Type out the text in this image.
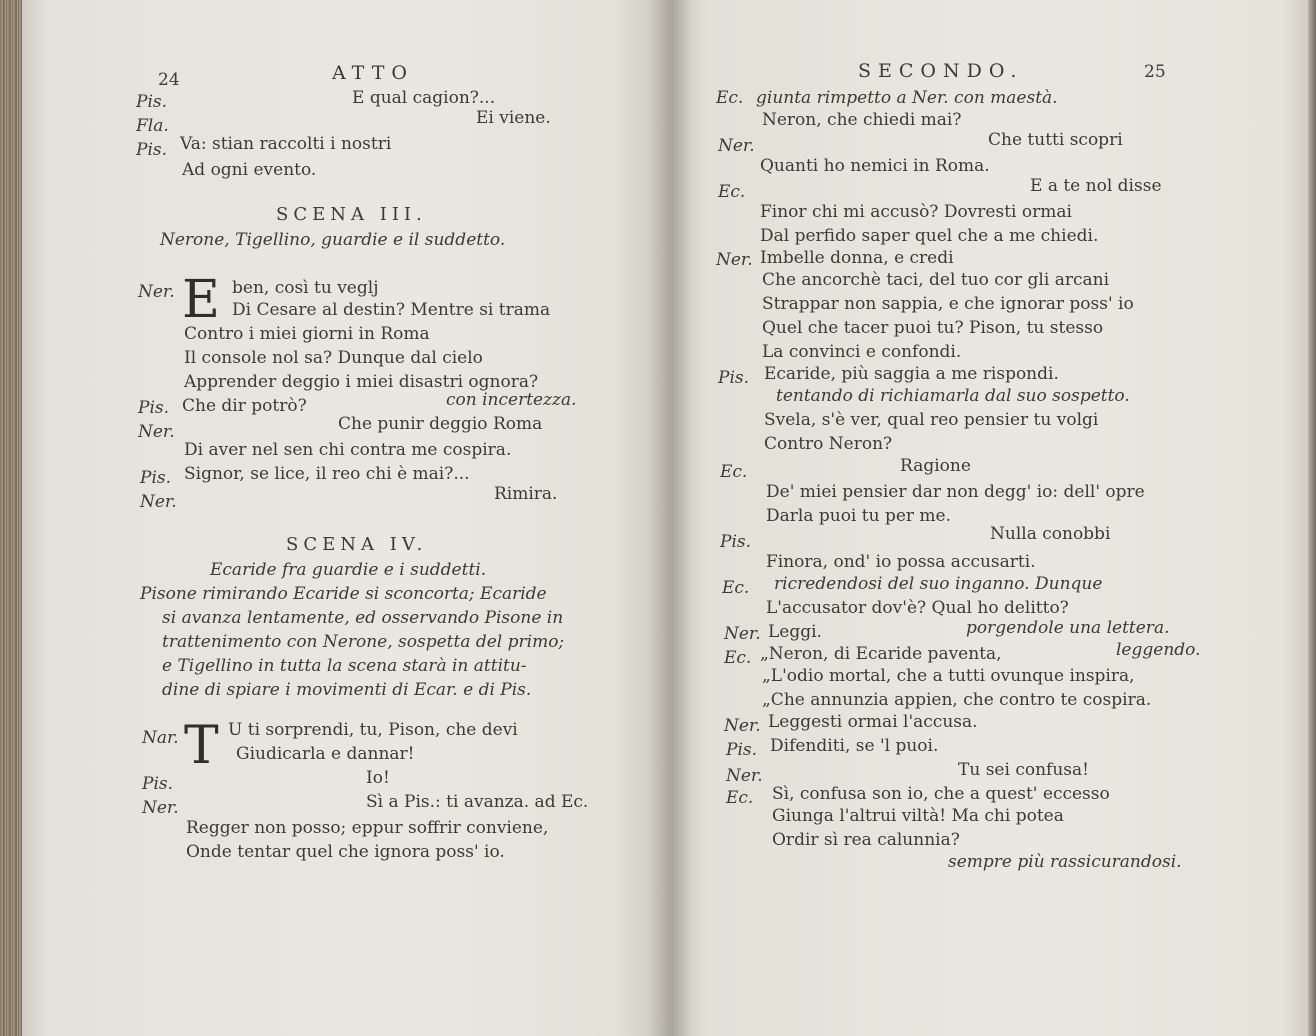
24	ATTO
Pis.	E qual cagion?...
Fla.	Ei viene.
Pis. Va: stian raccolti i nostri
Ad ogni evento.
SCENA III.
Nerone, Tigellino, guardie e il suddetto.
Ner. E ben, così tu veglj
Di Cesare al destin? Mentre si trama
Contro i miei giorni in Roma
Il console nol sa? Dunque dal cielo
Apprender deggio i miei disastri ognora?
Pis. Che dir potrò?	con incertezza.
Ner.	Che punir deggio Roma
Di aver nel sen chi contra me cospira.
Pis. Signor, se lice, il reo chi è mai?...
Ner.	Rimira.
SCENA IV.
Ecaride fra guardie e i suddetti.
Pisone rimirando Ecaride si sconcorta; Ecaride
si avanza lentamente, ed osservando Pisone in
trattenimento con Nerone, sospetta del primo;
e Tigellino in tutta la scena starà in attitu-
dine di spiare i movimenti di Ecar. e di Pis.
Nar. T U ti sorprendi, tu, Pison, che devi
Giudicarla e dannar!
Pis.	Io!
Ner.	Sì a Pis.: ti avanza. ad Ec.
Regger non posso; eppur soffrir conviene,
Onde tentar quel che ignora poss' io.
SECONDO.	25
Ec. giunta rimpetto a Ner. con maestà.
Neron, che chiedi mai?
Ner.	Che tutti scopri
Quanti ho nemici in Roma.
Ec.	E a te nol disse
Finor chi mi accusò? Dovresti ormai
Dal perfido saper quel che a me chiedi.
Ner. Imbelle donna, e credi
Che ancorchè taci, del tuo cor gli arcani
Strappar non sappia, e che ignorar poss' io
Quel che tacer puoi tu? Pison, tu stesso
La convinci e confondi.
Pis. Ecaride, più saggia a me rispondi.
tentando di richiamarla dal suo sospetto.
Svela, s'è ver, qual reo pensier tu volgi
Contro Neron?
Ec.	Ragione
De' miei pensier dar non degg' io: dell' opre
Darla puoi tu per me.
Pis.	Nulla conobbi
Finora, ond' io possa accusarti.
Ec. ricredendosi del suo inganno. Dunque
L'accusator dov'è? Qual ho delitto?
Ner. Leggi.	porgendole una lettera.
Ec. „Neron, di Ecaride paventa,	leggendo.
„L'odio mortal, che a tutti ovunque inspira,
„Che annunzia appien, che contro te cospira.
Ner. Leggesti ormai l'accusa.
Pis. Difenditi, se 'l puoi.
Ner.	Tu sei confusa!
Ec. Sì, confusa son io, che a quest' eccesso
Giunga l'altrui viltà! Ma chi potea
Ordir sì rea calunnia?
sempre più rassicurandosi.
